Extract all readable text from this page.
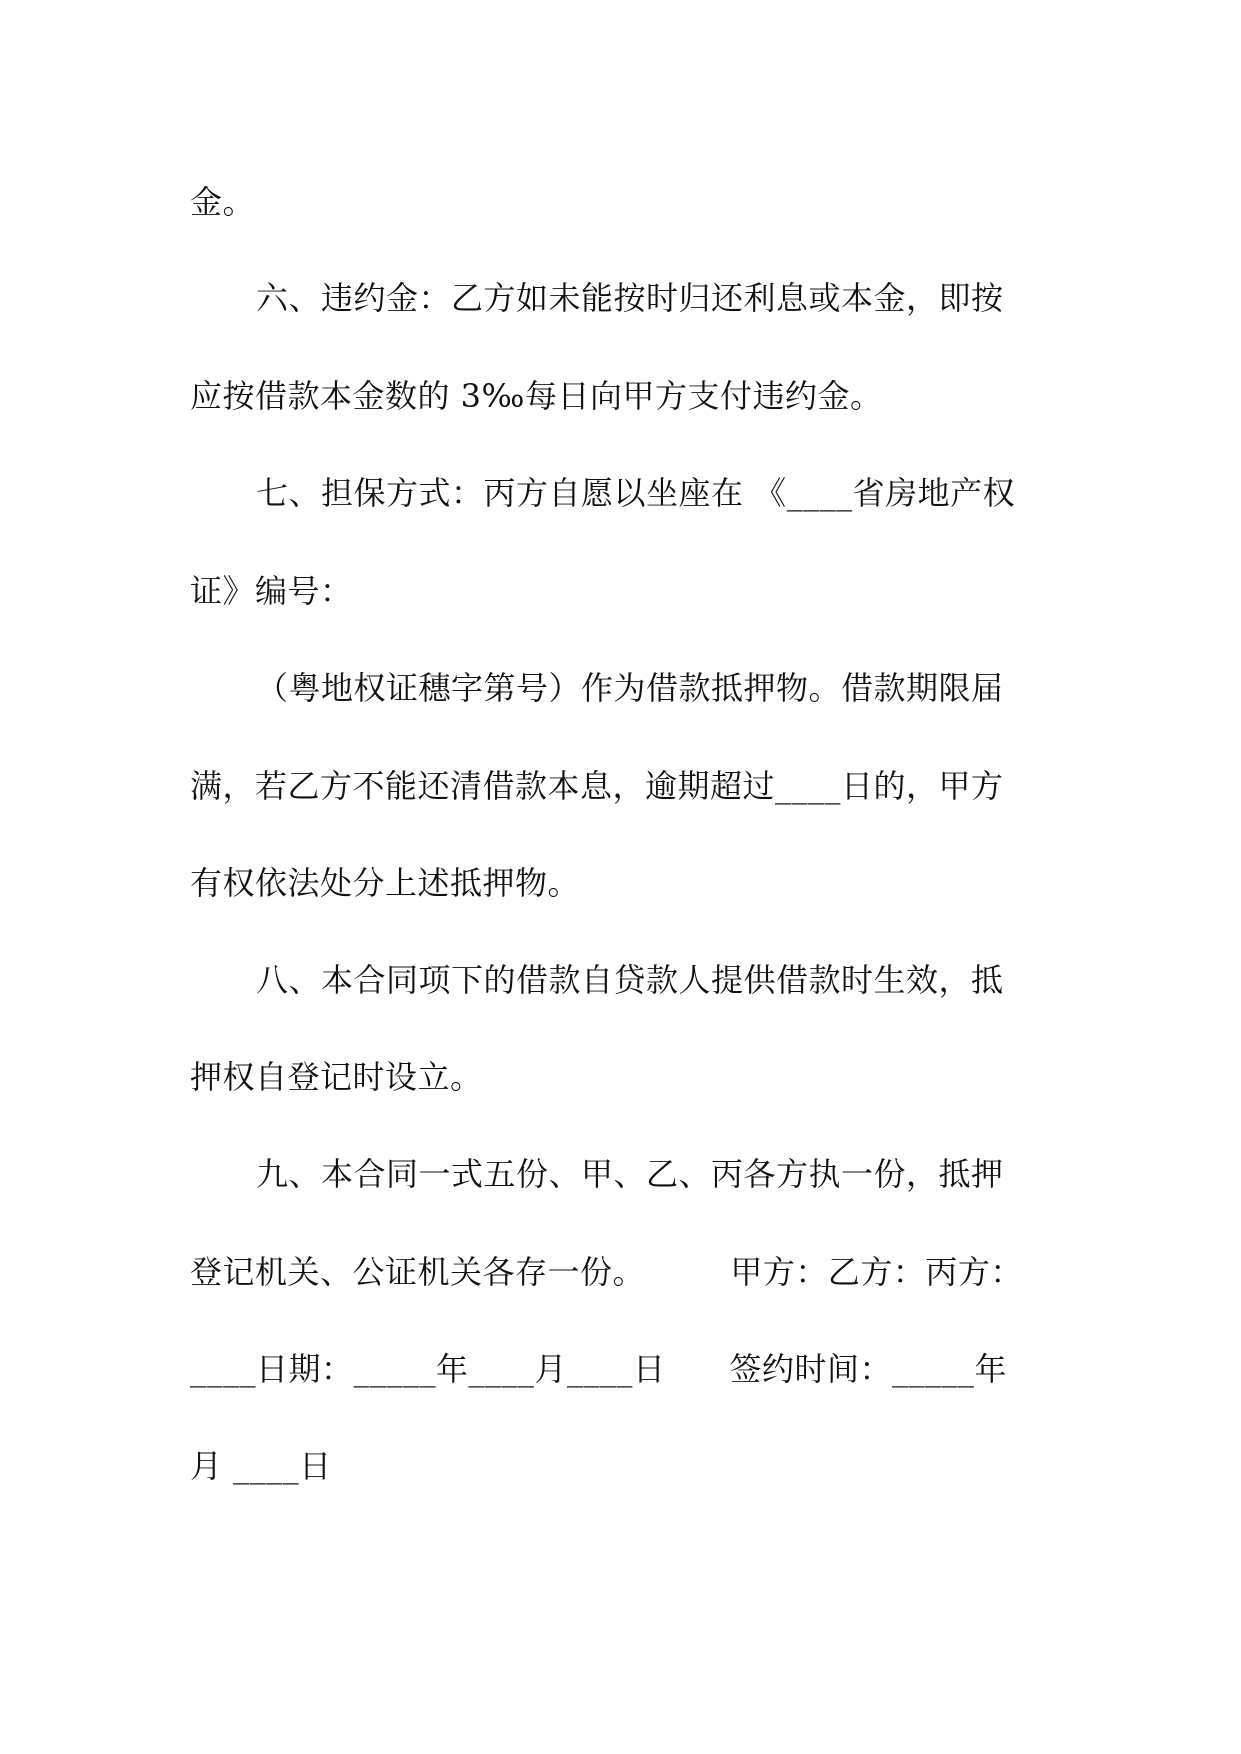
金。
六、违约金：乙方如未能按时归还利息或本金，即按
应按借款本金数的 3‰每日向甲方支付违约金。
七、担保方式：丙方自愿以坐座在 《____省房地产权
证》编号：
（粤地权证穗字第号）作为借款抵押物。借款期限届
满，若乙方不能还清借款本息，逾期超过____日的，甲方
有权依法处分上述抵押物。
八、本合同项下的借款自贷款人提供借款时生效，抵
押权自登记时设立。
九、本合同一式五份、甲、乙、丙各方执一份，抵押
登记机关、公证机关各存一份。        甲方：乙方：丙方：
____日期：_____年____月____日      签约时间：_____年
月 ____日
